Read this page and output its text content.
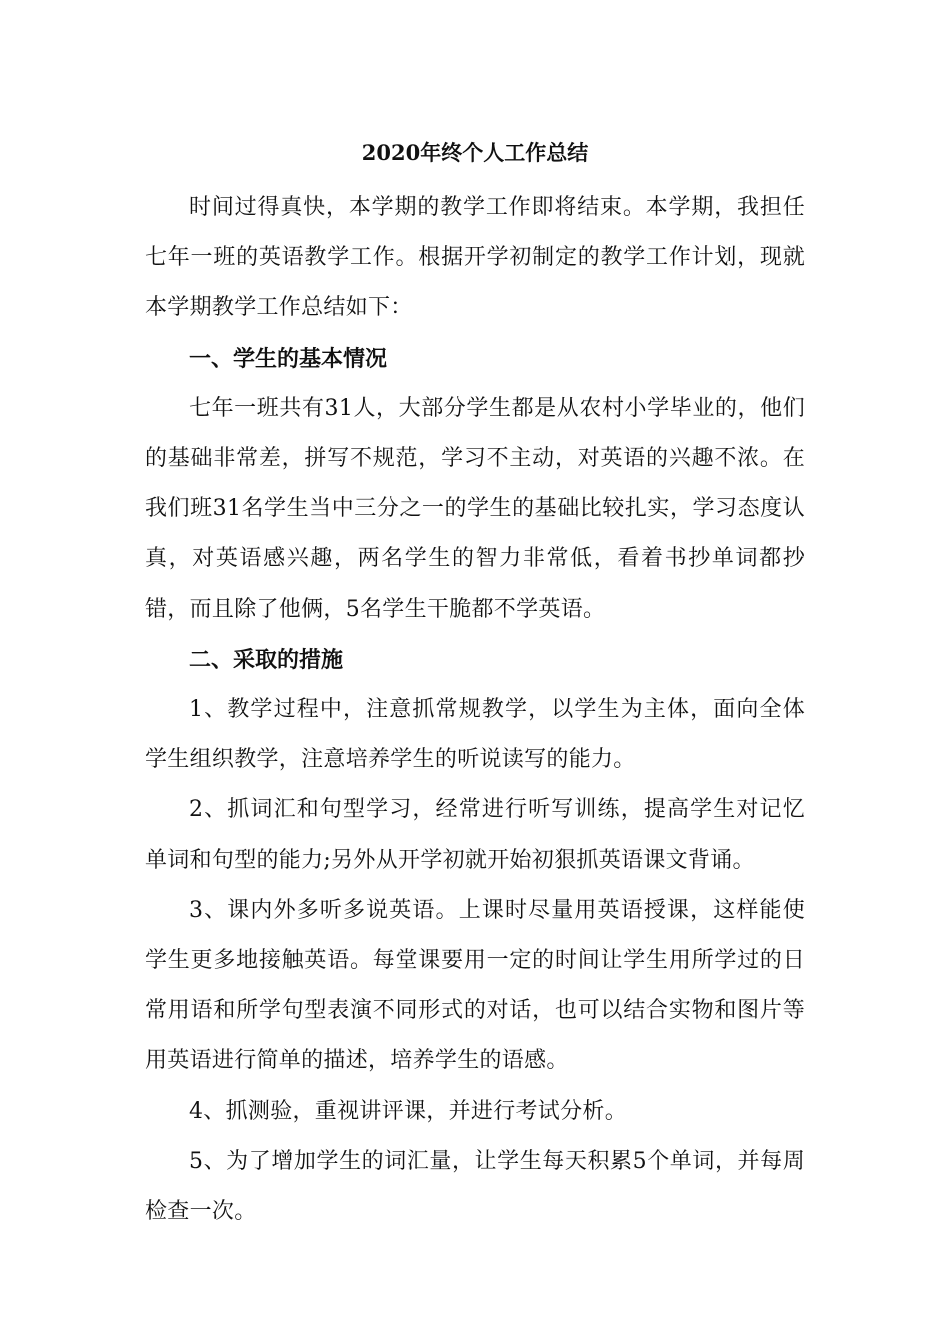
2020年终个人工作总结

时间过得真快，本学期的教学工作即将结束。本学期，我担任七年一班的英语教学工作。根据开学初制定的教学工作计划，现就本学期教学工作总结如下：

一、学生的基本情况

七年一班共有31人，大部分学生都是从农村小学毕业的，他们的基础非常差，拼写不规范，学习不主动，对英语的兴趣不浓。在我们班31名学生当中三分之一的学生的基础比较扎实，学习态度认真，对英语感兴趣，两名学生的智力非常低，看着书抄单词都抄错，而且除了他俩，5名学生干脆都不学英语。

二、采取的措施

1、教学过程中，注意抓常规教学，以学生为主体，面向全体学生组织教学，注意培养学生的听说读写的能力。

2、抓词汇和句型学习，经常进行听写训练，提高学生对记忆单词和句型的能力;另外从开学初就开始初狠抓英语课文背诵。

3、课内外多听多说英语。上课时尽量用英语授课，这样能使学生更多地接触英语。每堂课要用一定的时间让学生用所学过的日常用语和所学句型表演不同形式的对话，也可以结合实物和图片等用英语进行简单的描述，培养学生的语感。

4、抓测验，重视讲评课，并进行考试分析。

5、为了增加学生的词汇量，让学生每天积累5个单词，并每周检查一次。
